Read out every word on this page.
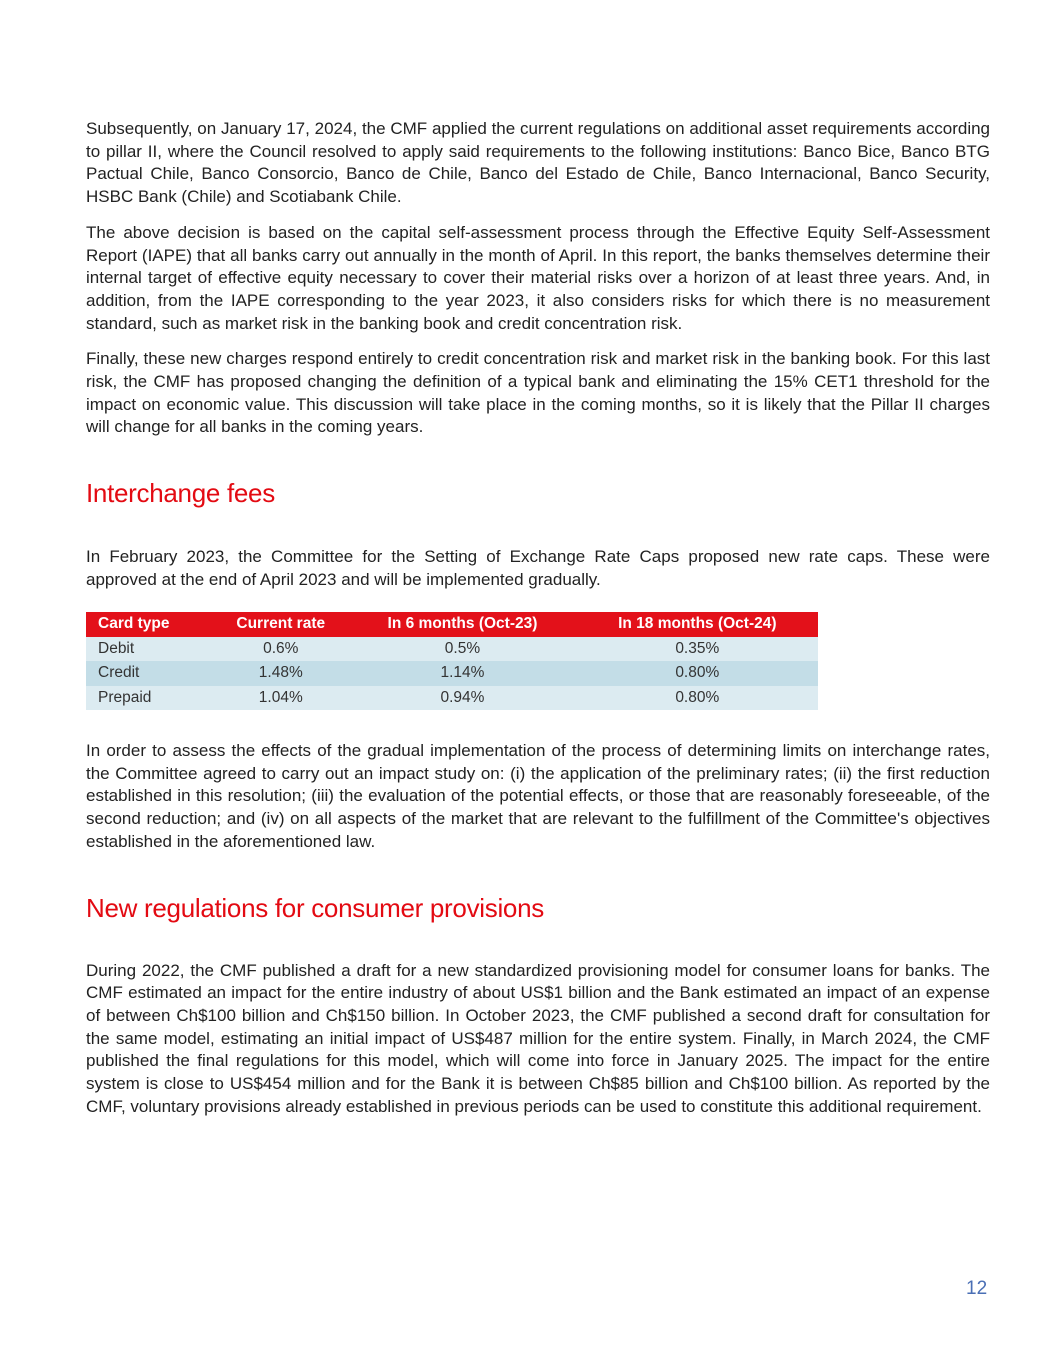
Subsequently, on January 17, 2024, the CMF applied the current regulations on additional asset requirements according to pillar II, where the Council resolved to apply said requirements to the following institutions: Banco Bice, Banco BTG Pactual Chile, Banco Consorcio, Banco de Chile, Banco del Estado de Chile, Banco Internacional, Banco Security, HSBC Bank (Chile) and Scotiabank Chile.

The above decision is based on the capital self-assessment process through the Effective Equity Self-Assessment Report (IAPE) that all banks carry out annually in the month of April. In this report, the banks themselves determine their internal target of effective equity necessary to cover their material risks over a horizon of at least three years. And, in addition, from the IAPE corresponding to the year 2023, it also considers risks for which there is no measurement standard, such as market risk in the banking book and credit concentration risk.

Finally, these new charges respond entirely to credit concentration risk and market risk in the banking book. For this last risk, the CMF has proposed changing the definition of a typical bank and eliminating the 15% CET1 threshold for the impact on economic value. This discussion will take place in the coming months, so it is likely that the Pillar II charges will change for all banks in the coming years.

Interchange fees

In February 2023, the Committee for the Setting of Exchange Rate Caps proposed new rate caps. These were approved at the end of April 2023 and will be implemented gradually.

Card type	Current rate	In 6 months (Oct-23)	In 18 months (Oct-24)
Debit	0.6%	0.5%	0.35%
Credit	1.48%	1.14%	0.80%
Prepaid	1.04%	0.94%	0.80%

In order to assess the effects of the gradual implementation of the process of determining limits on interchange rates, the Committee agreed to carry out an impact study on: (i) the application of the preliminary rates; (ii) the first reduction established in this resolution; (iii) the evaluation of the potential effects, or those that are reasonably foreseeable, of the second reduction; and (iv) on all aspects of the market that are relevant to the fulfillment of the Committee's objectives established in the aforementioned law.

New regulations for consumer provisions

During 2022, the CMF published a draft for a new standardized provisioning model for consumer loans for banks. The CMF estimated an impact for the entire industry of about US$1 billion and the Bank estimated an impact of an expense of between Ch$100 billion and Ch$150 billion. In October 2023, the CMF published a second draft for consultation for the same model, estimating an initial impact of US$487 million for the entire system. Finally, in March 2024, the CMF published the final regulations for this model, which will come into force in January 2025. The impact for the entire system is close to US$454 million and for the Bank it is between Ch$85 billion and Ch$100 billion. As reported by the CMF, voluntary provisions already established in previous periods can be used to constitute this additional requirement.

12
